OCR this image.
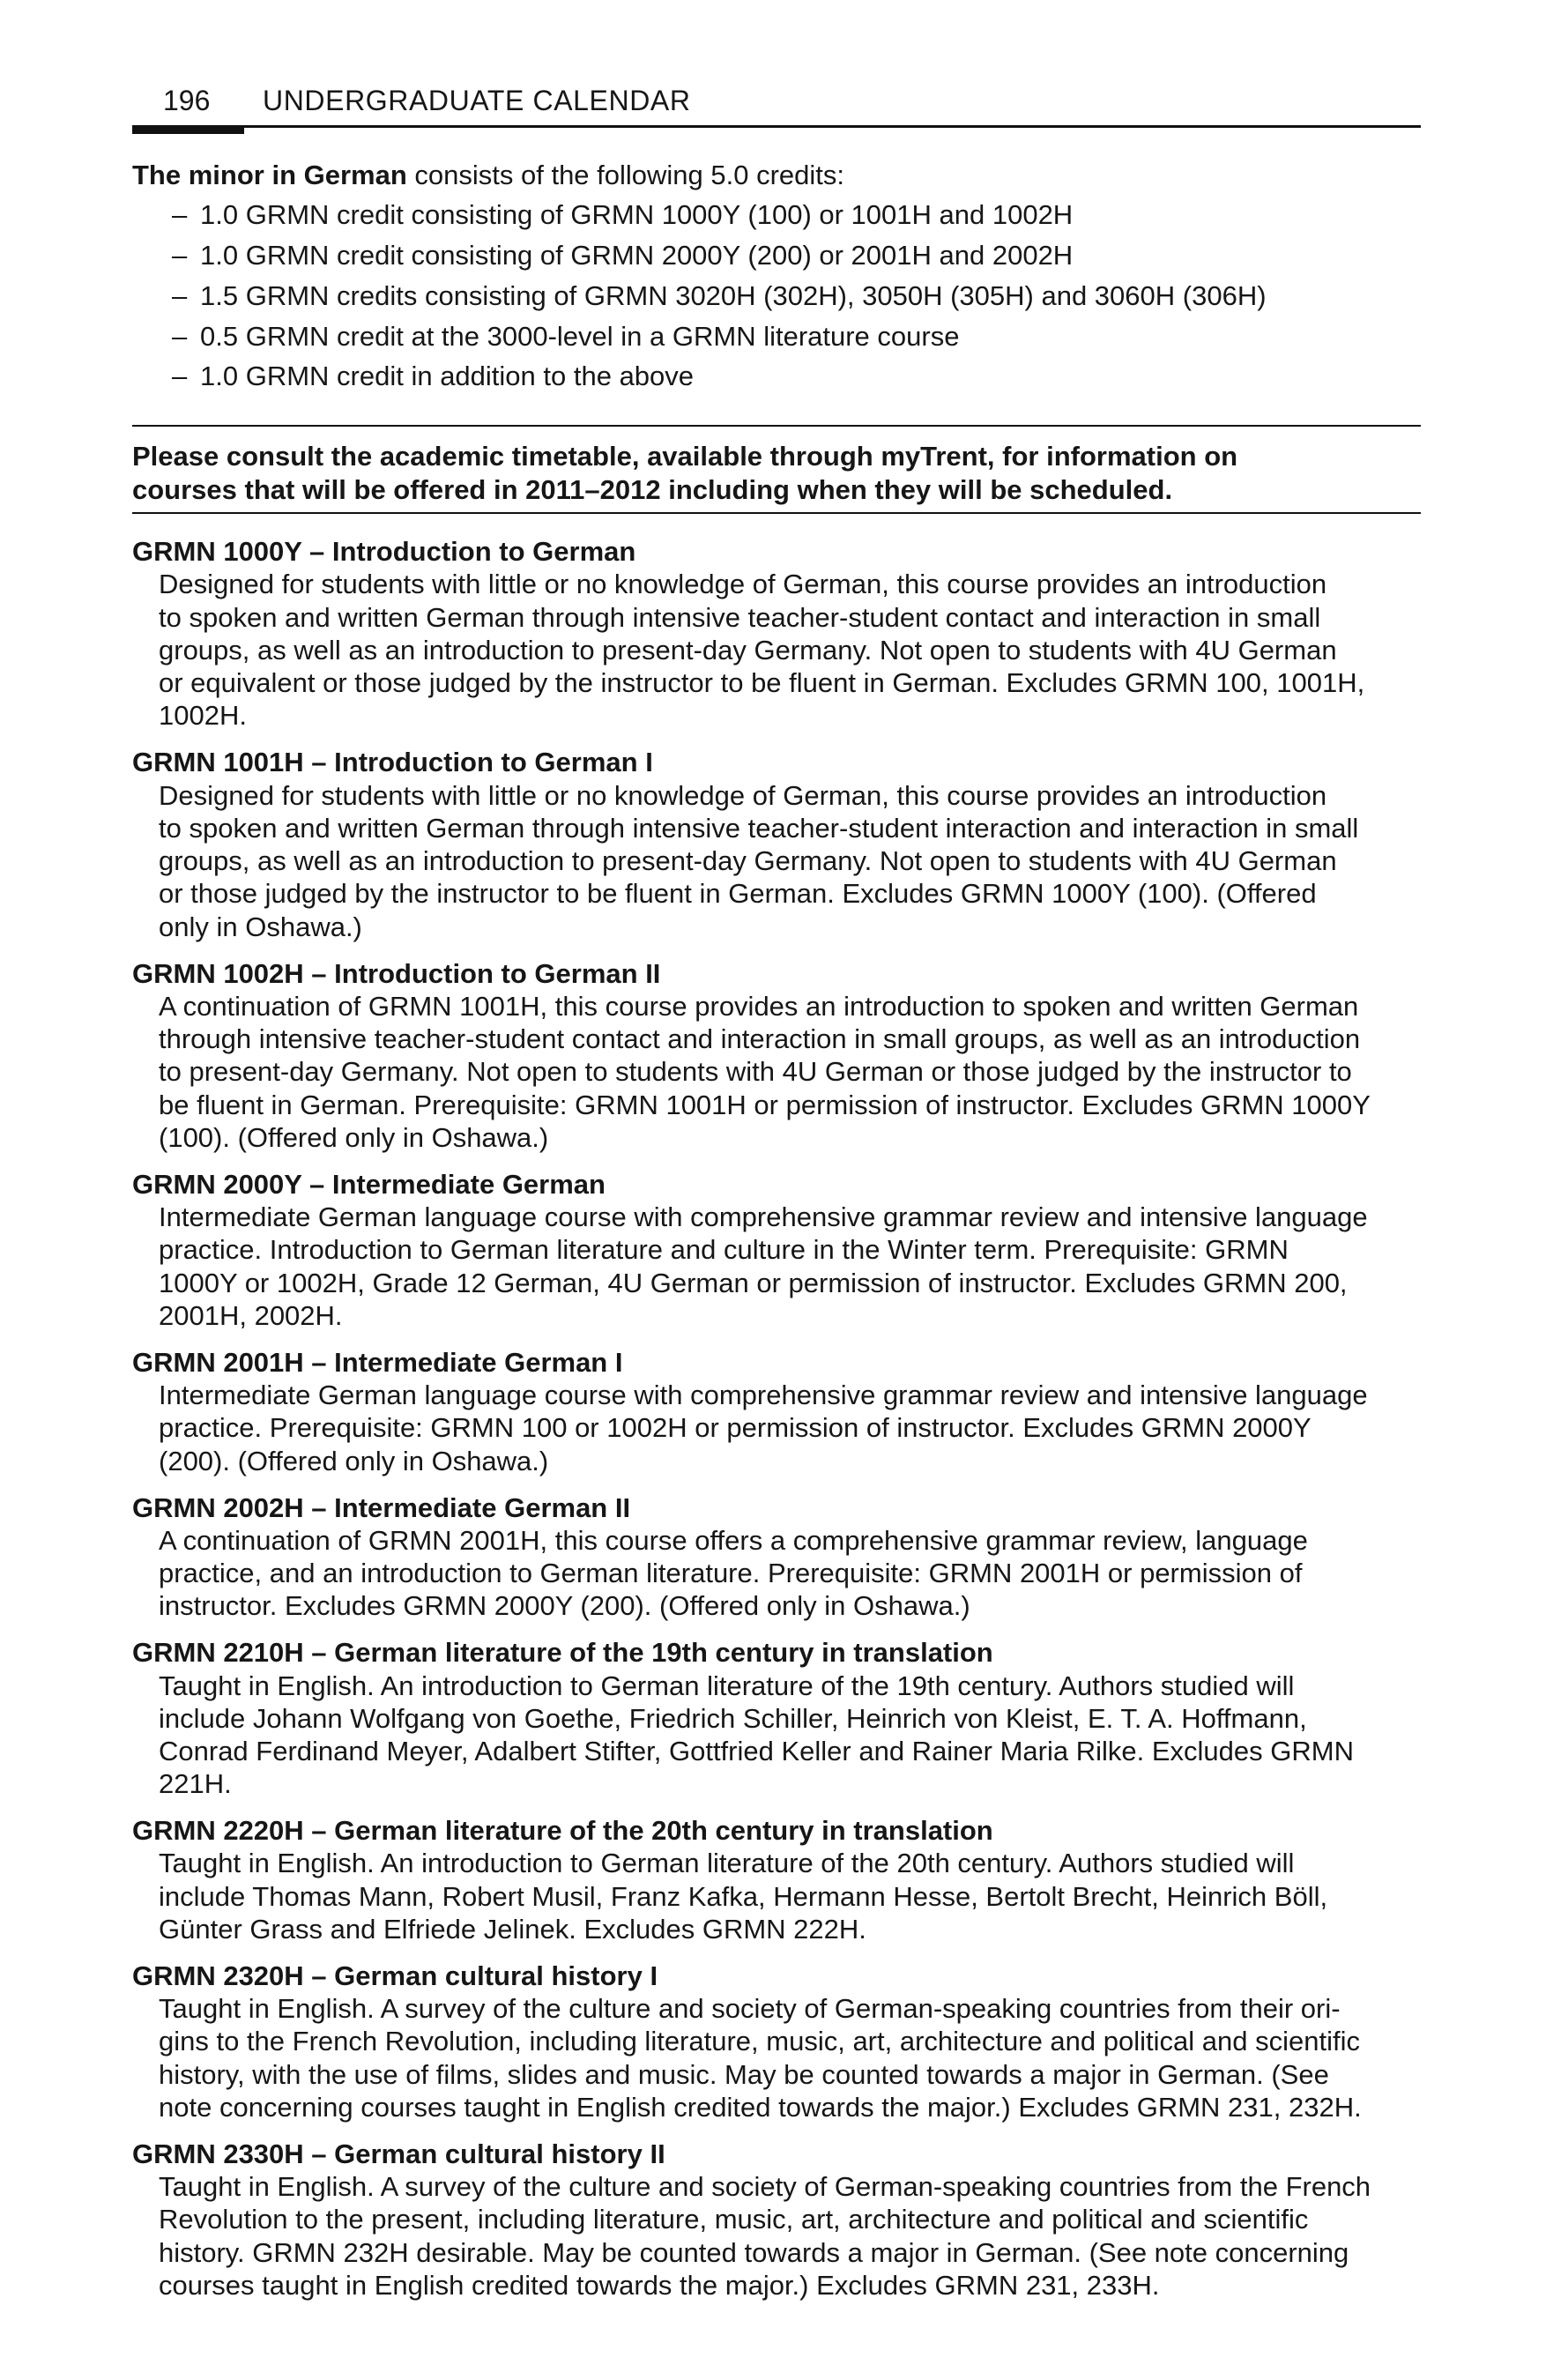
196 UNDERGRADUATE CALENDAR

The minor in German consists of the following 5.0 credits:

– 1.0 GRMN credit consisting of GRMN 1000Y (100) or 1001H and 1002H
– 1.0 GRMN credit consisting of GRMN 2000Y (200) or 2001H and 2002H
– 1.5 GRMN credits consisting of GRMN 3020H (302H), 3050H (305H) and 3060H (306H)
– 0.5 GRMN credit at the 3000-level in a GRMN literature course
– 1.0 GRMN credit in addition to the above
Please consult the academic timetable, available through myTrent, for information on
courses that will be offered in 2011–2012 including when they will be scheduled.
GRMN 1000Y – Introduction to German
Designed for students with little or no knowledge of German, this course provides an introduction
to spoken and written German through intensive teacher-student contact and interaction in small
groups, as well as an introduction to present-day Germany. Not open to students with 4U German
or equivalent or those judged by the instructor to be fluent in German. Excludes GRMN 100, 1001H,
1002H.
GRMN 1001H – Introduction to German I
Designed for students with little or no knowledge of German, this course provides an introduction
to spoken and written German through intensive teacher-student interaction and interaction in small
groups, as well as an introduction to present-day Germany. Not open to students with 4U German
or those judged by the instructor to be fluent in German. Excludes GRMN 1000Y (100). (Offered
only in Oshawa.)
GRMN 1002H – Introduction to German II
A continuation of GRMN 1001H, this course provides an introduction to spoken and written German
through intensive teacher-student contact and interaction in small groups, as well as an introduction
to present-day Germany. Not open to students with 4U German or those judged by the instructor to
be fluent in German. Prerequisite: GRMN 1001H or permission of instructor. Excludes GRMN 1000Y
(100). (Offered only in Oshawa.)
GRMN 2000Y – Intermediate German
Intermediate German language course with comprehensive grammar review and intensive language
practice. Introduction to German literature and culture in the Winter term. Prerequisite: GRMN
1000Y or 1002H, Grade 12 German, 4U German or permission of instructor. Excludes GRMN 200,
2001H, 2002H.
GRMN 2001H – Intermediate German I
Intermediate German language course with comprehensive grammar review and intensive language
practice. Prerequisite: GRMN 100 or 1002H or permission of instructor. Excludes GRMN 2000Y
(200). (Offered only in Oshawa.)
GRMN 2002H – Intermediate German II
A continuation of GRMN 2001H, this course offers a comprehensive grammar review, language
practice, and an introduction to German literature. Prerequisite: GRMN 2001H or permission of
instructor. Excludes GRMN 2000Y (200). (Offered only in Oshawa.)
GRMN 2210H – German literature of the 19th century in translation
Taught in English. An introduction to German literature of the 19th century. Authors studied will
include Johann Wolfgang von Goethe, Friedrich Schiller, Heinrich von Kleist, E. T. A. Hoffmann,
Conrad Ferdinand Meyer, Adalbert Stifter, Gottfried Keller and Rainer Maria Rilke. Excludes GRMN
221H.
GRMN 2220H – German literature of the 20th century in translation
Taught in English. An introduction to German literature of the 20th century. Authors studied will
include Thomas Mann, Robert Musil, Franz Kafka, Hermann Hesse, Bertolt Brecht, Heinrich Böll,
Günter Grass and Elfriede Jelinek. Excludes GRMN 222H.
GRMN 2320H – German cultural history I
Taught in English. A survey of the culture and society of German-speaking countries from their ori-
gins to the French Revolution, including literature, music, art, architecture and political and scientific
history, with the use of films, slides and music. May be counted towards a major in German. (See
note concerning courses taught in English credited towards the major.) Excludes GRMN 231, 232H.
GRMN 2330H – German cultural history II
Taught in English. A survey of the culture and society of German-speaking countries from the French
Revolution to the present, including literature, music, art, architecture and political and scientific
history. GRMN 232H desirable. May be counted towards a major in German. (See note concerning
courses taught in English credited towards the major.) Excludes GRMN 231, 233H.
